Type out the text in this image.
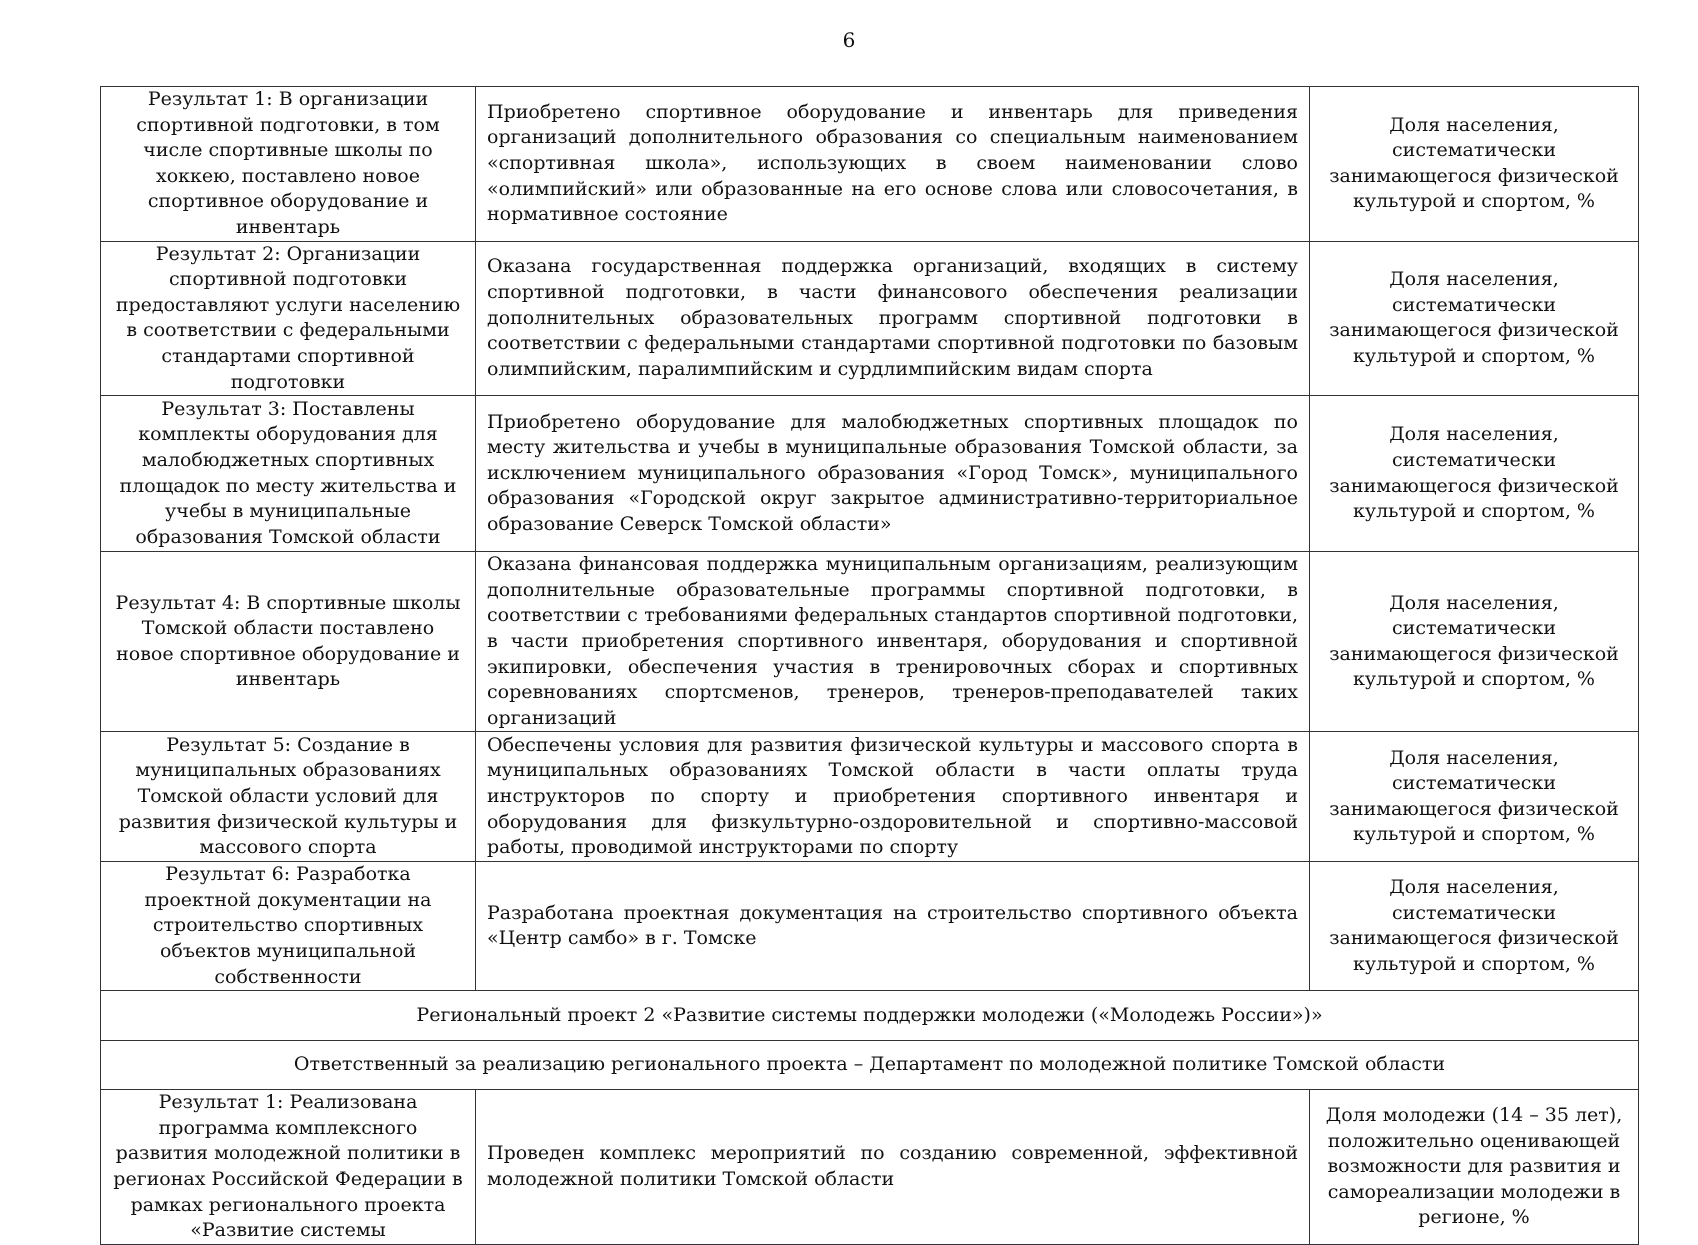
6
Результат 1: В организации спортивной подготовки, в том числе спортивные школы по хоккею, поставлено новое спортивное оборудование и инвентарь	Приобретено спортивное оборудование и инвентарь для приведения организаций дополнительного образования со специальным наименованием «спортивная школа», использующих в своем наименовании слово «олимпийский» или образованные на его основе слова или словосочетания, в нормативное состояние	Доля населения, систематически занимающегося физической культурой и спортом, %
Результат 2: Организации спортивной подготовки предоставляют услуги населению в соответствии с федеральными стандартами спортивной подготовки	Оказана государственная поддержка организаций, входящих в систему спортивной подготовки, в части финансового обеспечения реализации дополнительных образовательных программ спортивной подготовки в соответствии с федеральными стандартами спортивной подготовки по базовым олимпийским, паралимпийским и сурдлимпийским видам спорта	Доля населения, систематически занимающегося физической культурой и спортом, %
Результат 3: Поставлены комплекты оборудования для малобюджетных спортивных площадок по месту жительства и учебы в муниципальные образования Томской области	Приобретено оборудование для малобюджетных спортивных площадок по месту жительства и учебы в муниципальные образования Томской области, за исключением муниципального образования «Город Томск», муниципального образования «Городской округ закрытое административно-территориальное образование Северск Томской области»	Доля населения, систематически занимающегося физической культурой и спортом, %
Результат 4: В спортивные школы Томской области поставлено новое спортивное оборудование и инвентарь	Оказана финансовая поддержка муниципальным организациям, реализующим дополнительные образовательные программы спортивной подготовки, в соответствии с требованиями федеральных стандартов спортивной подготовки, в части приобретения спортивного инвентаря, оборудования и спортивной экипировки, обеспечения участия в тренировочных сборах и спортивных соревнованиях спортсменов, тренеров, тренеров-преподавателей таких организаций	Доля населения, систематически занимающегося физической культурой и спортом, %
Результат 5: Создание в муниципальных образованиях Томской области условий для развития физической культуры и массового спорта	Обеспечены условия для развития физической культуры и массового спорта в муниципальных образованиях Томской области в части оплаты труда инструкторов по спорту и приобретения спортивного инвентаря и оборудования для физкультурно-оздоровительной и спортивно-массовой работы, проводимой инструкторами по спорту	Доля населения, систематически занимающегося физической культурой и спортом, %
Результат 6: Разработка проектной документации на строительство спортивных объектов муниципальной собственности	Разработана проектная документация на строительство спортивного объекта «Центр самбо» в г. Томске	Доля населения, систематически занимающегося физической культурой и спортом, %
Региональный проект 2 «Развитие системы поддержки молодежи («Молодежь России»)»		
Ответственный за реализацию регионального проекта – Департамент по молодежной политике Томской области		
Результат 1: Реализована программа комплексного развития молодежной политики в регионах Российской Федерации в рамках регионального проекта «Развитие системы	Проведен комплекс мероприятий по созданию современной, эффективной молодежной политики Томской области	Доля молодежи (14 – 35 лет), положительно оценивающей возможности для развития и самореализации молодежи в регионе, %
